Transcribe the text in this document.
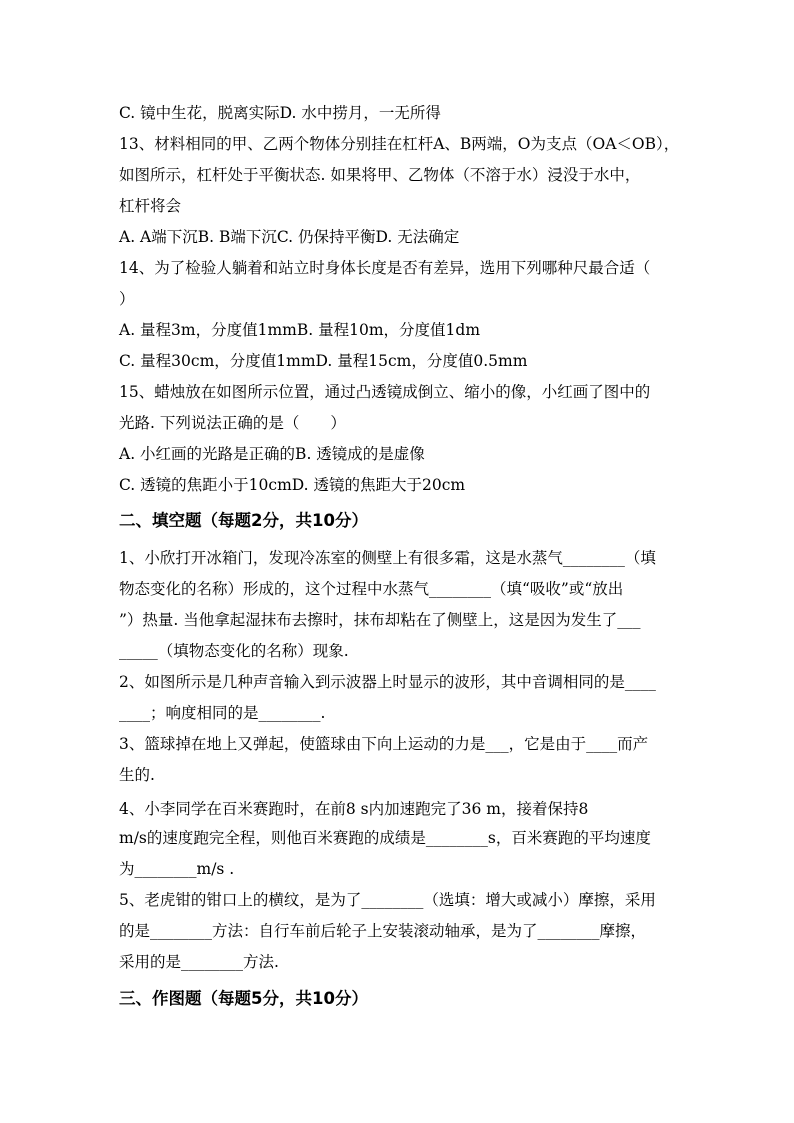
C. 镜中生花，脱离实际D. 水中捞月，一无所得
13、材料相同的甲、乙两个物体分别挂在杠杆A、B两端，O为支点（OA＜OB），
如图所示，杠杆处于平衡状态. 如果将甲、乙物体（不溶于水）浸没于水中，
杠杆将会
A. A端下沉B. B端下沉C. 仍保持平衡D. 无法确定
14、为了检验人躺着和站立时身体长度是否有差异，选用下列哪种尺最合适（
）
A. 量程3m，分度值1mmB. 量程10m，分度值1dm
C. 量程30cm，分度值1mmD. 量程15cm，分度值0.5mm
15、蜡烛放在如图所示位置，通过凸透镜成倒立、缩小的像，小红画了图中的
光路. 下列说法正确的是（　　）
A. 小红画的光路是正确的B. 透镜成的是虚像
C. 透镜的焦距小于10cmD. 透镜的焦距大于20cm
二、填空题（每题2分，共10分）
1、小欣打开冰箱门，发现冷冻室的侧壁上有很多霜，这是水蒸气________（填
物态变化的名称）形成的，这个过程中水蒸气________（填“吸收”或“放出
”）热量. 当他拿起湿抹布去擦时，抹布却粘在了侧壁上，这是因为发生了___
_____（填物态变化的名称）现象.
2、如图所示是几种声音输入到示波器上时显示的波形，其中音调相同的是____
____；响度相同的是________.
3、篮球掉在地上又弹起，使篮球由下向上运动的力是___，它是由于____而产
生的.
4、小李同学在百米赛跑时，在前8 s内加速跑完了36 m，接着保持8
m/s的速度跑完全程，则他百米赛跑的成绩是________s，百米赛跑的平均速度
为________m/s .
5、老虎钳的钳口上的横纹，是为了________（选填：增大或减小）摩擦，采用
的是________方法：自行车前后轮子上安装滚动轴承，是为了________摩擦，
采用的是________方法.
三、作图题（每题5分，共10分）
